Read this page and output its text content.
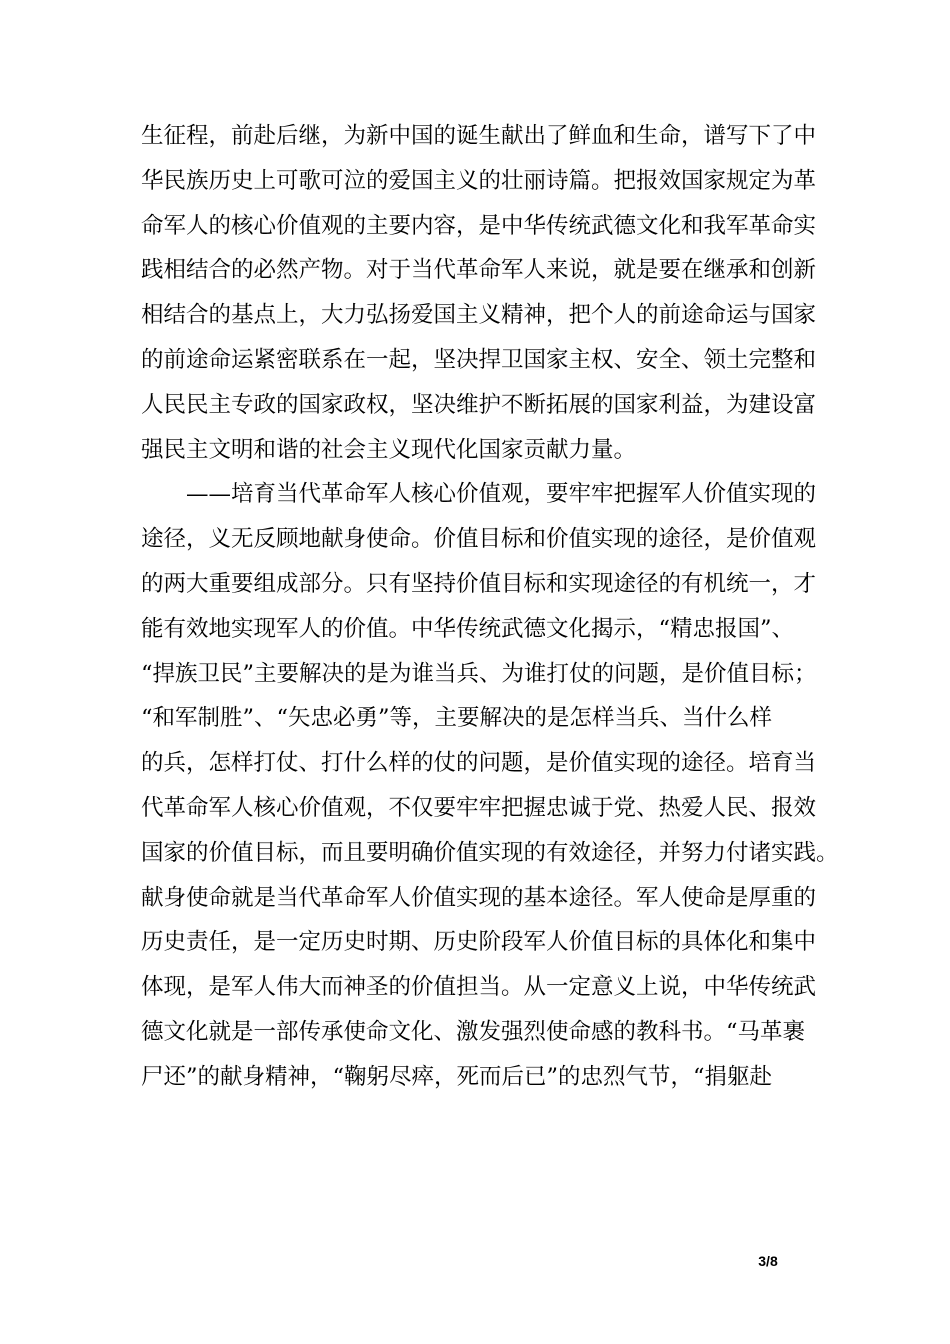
生征程，前赴后继，为新中国的诞生献出了鲜血和生命，谱写下了中
华民族历史上可歌可泣的爱国主义的壮丽诗篇。把报效国家规定为革
命军人的核心价值观的主要内容，是中华传统武德文化和我军革命实
践相结合的必然产物。对于当代革命军人来说，就是要在继承和创新
相结合的基点上，大力弘扬爱国主义精神，把个人的前途命运与国家
的前途命运紧密联系在一起，坚决捍卫国家主权、安全、领土完整和
人民民主专政的国家政权，坚决维护不断拓展的国家利益，为建设富
强民主文明和谐的社会主义现代化国家贡献力量。
　　——培育当代革命军人核心价值观，要牢牢把握军人价值实现的
途径，义无反顾地献身使命。价值目标和价值实现的途径，是价值观
的两大重要组成部分。只有坚持价值目标和实现途径的有机统一，才
能有效地实现军人的价值。中华传统武德文化揭示，“精忠报国”、
“捍族卫民”主要解决的是为谁当兵、为谁打仗的问题，是价值目标；
“和军制胜”、“矢忠必勇”等，主要解决的是怎样当兵、当什么样
的兵，怎样打仗、打什么样的仗的问题，是价值实现的途径。培育当
代革命军人核心价值观，不仅要牢牢把握忠诚于党、热爱人民、报效
国家的价值目标，而且要明确价值实现的有效途径，并努力付诸实践。
献身使命就是当代革命军人价值实现的基本途径。军人使命是厚重的
历史责任，是一定历史时期、历史阶段军人价值目标的具体化和集中
体现，是军人伟大而神圣的价值担当。从一定意义上说，中华传统武
德文化就是一部传承使命文化、激发强烈使命感的教科书。“马革裹
尸还”的献身精神，“鞠躬尽瘁，死而后已”的忠烈气节，“捐躯赴
3/8
